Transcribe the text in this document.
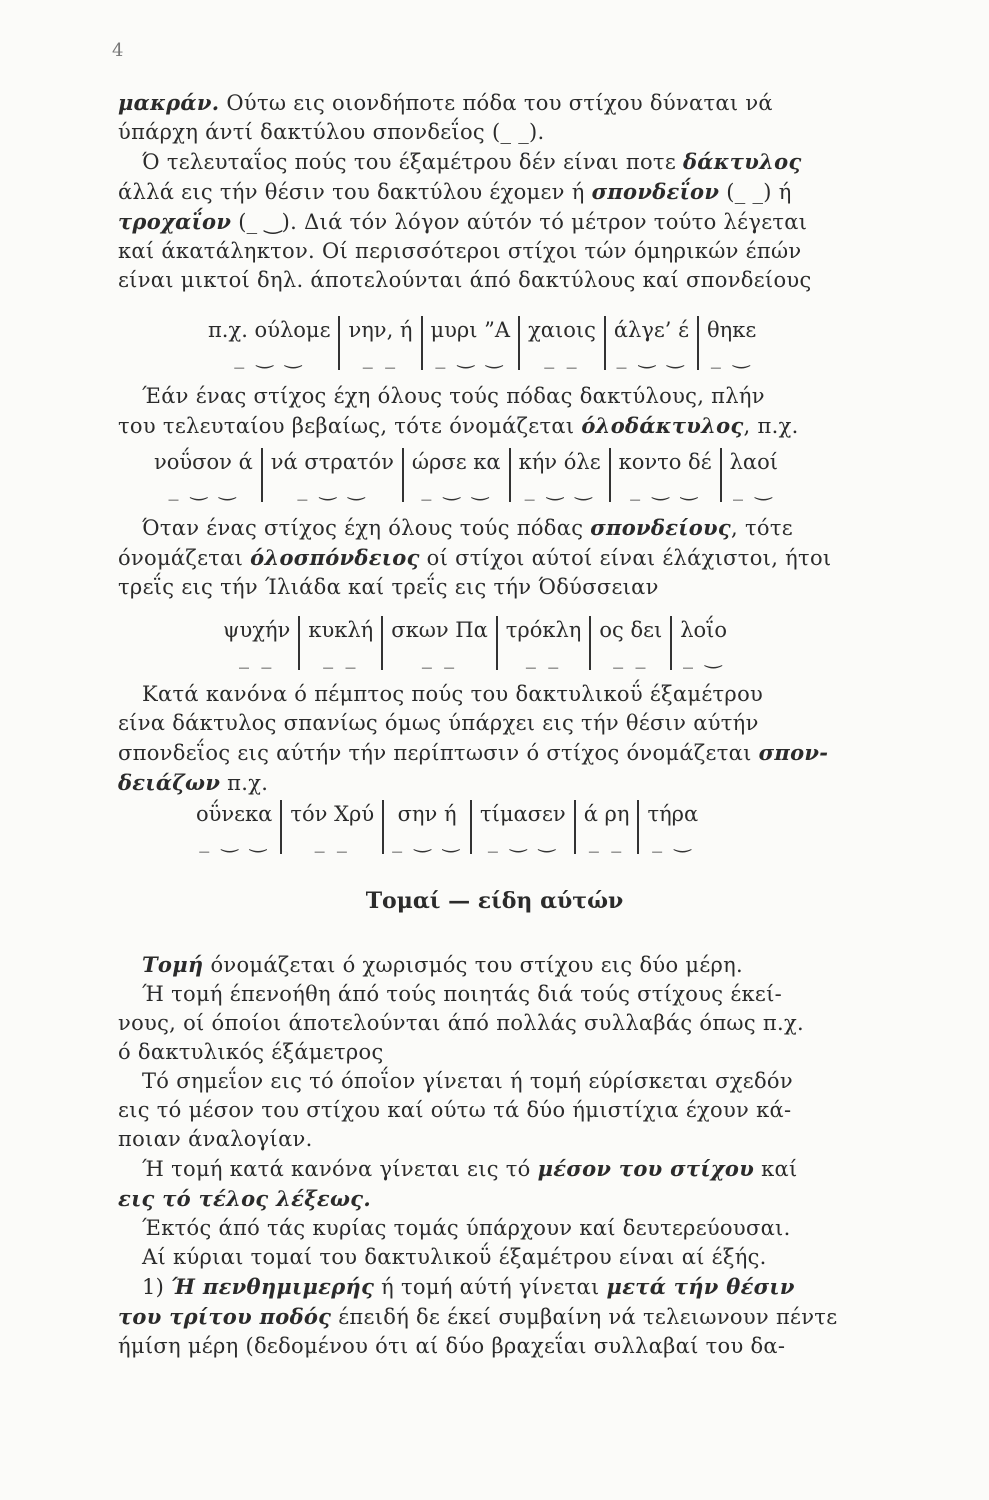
4

μακράν. Ούτω εις οιονδήποτε πόδα του στίχου δύναται νά

ύπάρχη άντί δακτύλου σπονδεΐος (_ _).

Ό τελευταΐος πούς του έξαμέτρου δέν είναι ποτε δάκτυλος

άλλά εις τήν θέσιν του δακτύλου έχομεν ή σπονδεΐον (_ _) ή

τροχαΐον (_ ‿). Διά τόν λόγον αύτόν τό μέτρον τούτο λέγεται

καί άκατάληκτον. Οί περισσότεροι στίχοι τών όμηρικών έπών

είναι μικτοί δηλ. άποτελούνται άπό δακτύλους καί σπονδείους

π.χ. ούλομε	νην, ή	μυρι ”Α	χαιοις	άλγε’ έ	θηκε
_ ‿ ‿	_ _	_ ‿ ‿	_ _	_ ‿ ‿	_ ‿

Έάν ένας στίχος έχη όλους τούς πόδας δακτύλους, πλήν

του τελευταίου βεβαίως, τότε όνομάζεται όλοδάκτυλος, π.χ.

νοΰσον ά	νά στρατόν	ώρσε κα	κήν όλε	κοντο δέ	λαοί
_ ‿ ‿	_ ‿ ‿	_ ‿ ‿	_ ‿ ‿	_ ‿ ‿	_ ‿

Όταν ένας στίχος έχη όλους τούς πόδας σπονδείους, τότε

όνομάζεται όλοσπόνδειος οί στίχοι αύτοί είναι έλάχιστοι, ήτοι

τρεΐς εις τήν Ίλιάδα καί τρεΐς εις τήν Όδύσσειαν

ψυχήν	κυκλή	σκων Πα	τρόκλη	ος δει	λοΐο
_ _	_ _	_ _	_ _	_ _	_ ‿

Κατά κανόνα ό πέμπτος πούς του δακτυλικοΰ έξαμέτρου

είνα δάκτυλος σπανίως όμως ύπάρχει εις τήν θέσιν αύτήν

σπονδεΐος εις αύτήν τήν περίπτωσιν ό στίχος όνομάζεται σπον-

δειάζων π.χ.

οΰνεκα	τόν Χρύ	σην ή	τίμασεν	ά ρη	τήρα
_ ‿ ‿	_ _	_ ‿ ‿	_ ‿ ‿	_ _	_ ‿
Τομαί — είδη αύτών

Τομή όνομάζεται ό χωρισμός του στίχου εις δύο μέρη.

Ή τομή έπενοήθη άπό τούς ποιητάς διά τούς στίχους έκεί-

νους, οί όποίοι άποτελούνται άπό πολλάς συλλαβάς όπως π.χ.

ό δακτυλικός έξάμετρος

Τό σημεΐον εις τό όποΐον γίνεται ή τομή εύρίσκεται σχεδόν

εις τό μέσον του στίχου καί ούτω τά δύο ήμιστίχια έχουν κά-

ποιαν άναλογίαν.

Ή τομή κατά κανόνα γίνεται εις τό μέσον του στίχου καί

εις τό τέλος λέξεως.

Έκτός άπό τάς κυρίας τομάς ύπάρχουν καί δευτερεύουσαι.

Αί κύριαι τομαί του δακτυλικοΰ έξαμέτρου είναι αί έξής.

1) Ή πενθημιμερής ή τομή αύτή γίνεται μετά τήν θέσιν

του τρίτου ποδός έπειδή δε έκεί συμβαίνη νά τελειωνουν πέντε

ήμίση μέρη (δεδομένου ότι αί δύο βραχεΐαι συλλαβαί του δα-
